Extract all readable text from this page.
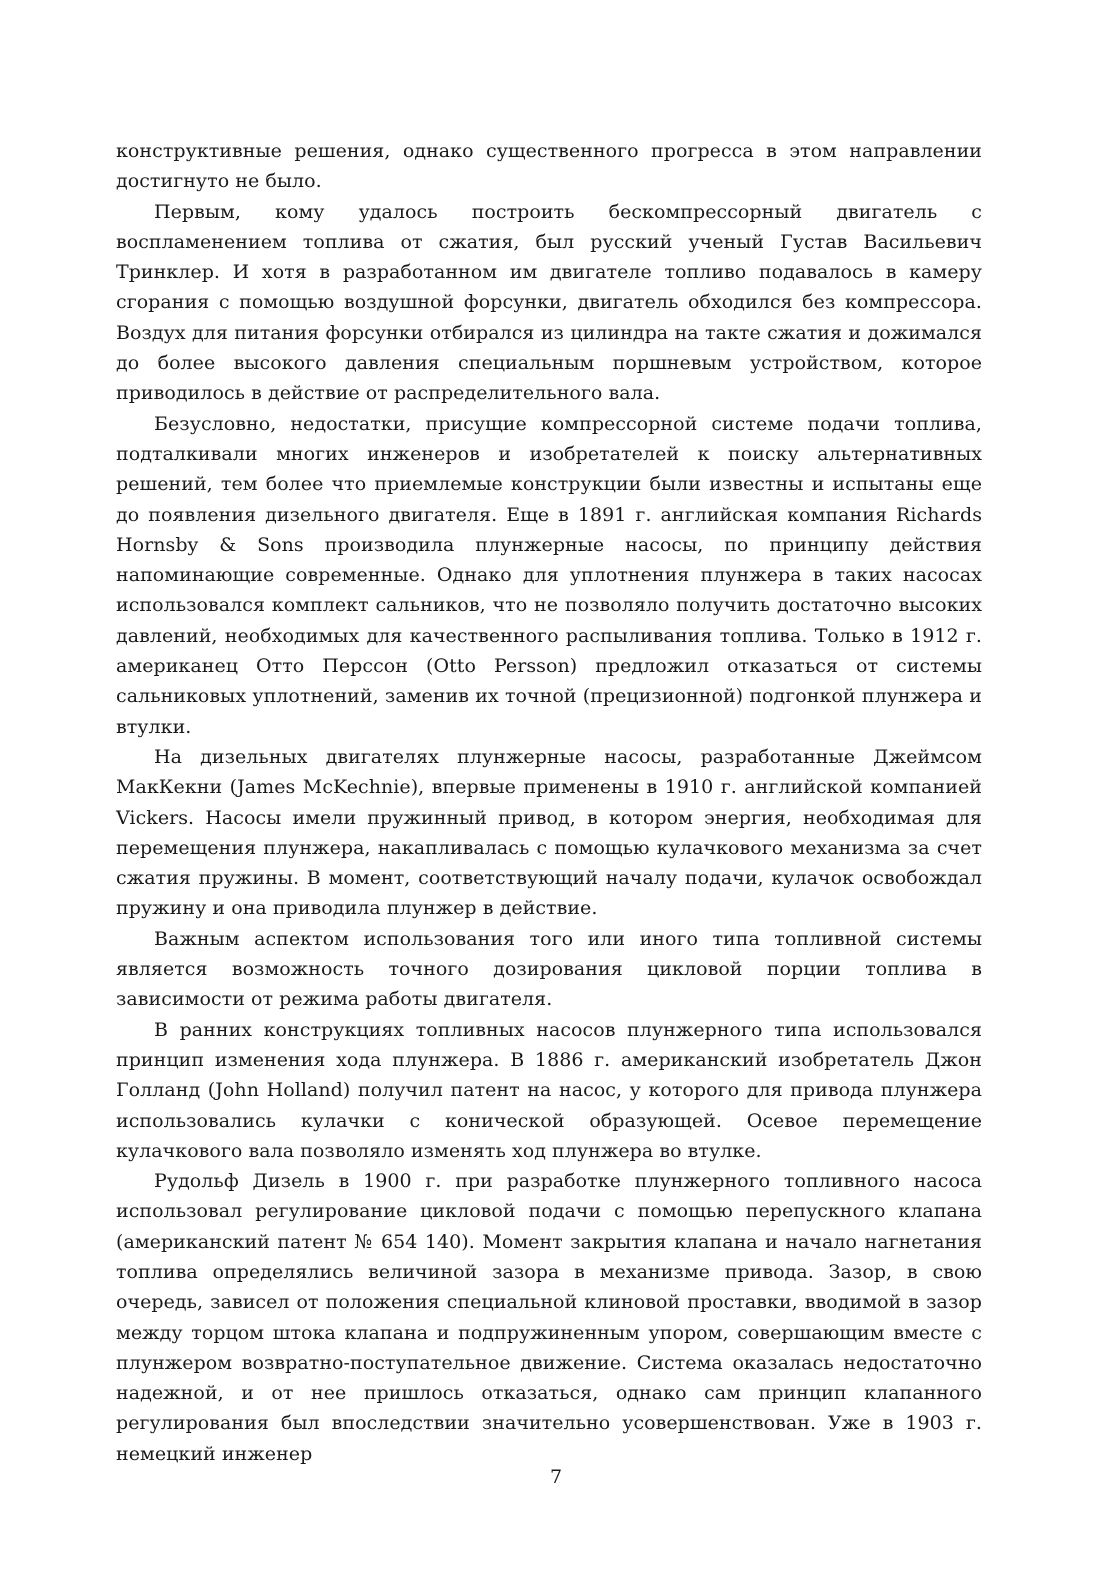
конструктивные решения, однако существенного прогресса в этом направлении достигнуто не было.

Первым, кому удалось построить бескомпрессорный двигатель с воспламенением топлива от сжатия, был русский ученый Густав Васильевич Тринклер. И хотя в разработанном им двигателе топливо подавалось в камеру сгорания с помощью воздушной форсунки, двигатель обходился без компрессора. Воздух для питания форсунки отбирался из цилиндра на такте сжатия и дожимался до более высокого давления специальным поршневым устройством, которое приводилось в действие от распределительного вала.

Безусловно, недостатки, присущие компрессорной системе подачи топлива, подталкивали многих инженеров и изобретателей к поиску альтернативных решений, тем более что приемлемые конструкции были известны и испытаны еще до появления дизельного двигателя. Еще в 1891 г. английская компания Richards Hornsby & Sons производила плунжерные насосы, по принципу действия напоминающие современные. Однако для уплотнения плунжера в таких насосах использовался комплект сальников, что не позволяло получить достаточно высоких давлений, необходимых для качественного распыливания топлива. Только в 1912 г. американец Отто Перссон (Otto Persson) предложил отказаться от системы сальниковых уплотнений, заменив их точной (прецизионной) подгонкой плунжера и втулки.

На дизельных двигателях плунжерные насосы, разработанные Джеймсом МакКекни (James McKechnie), впервые применены в 1910 г. английской компанией Vickers. Насосы имели пружинный привод, в котором энергия, необходимая для перемещения плунжера, накапливалась с помощью кулачкового механизма за счет сжатия пружины. В момент, соответствующий началу подачи, кулачок освобождал пружину и она приводила плунжер в действие.

Важным аспектом использования того или иного типа топливной системы является возможность точного дозирования цикловой порции топлива в зависимости от режима работы двигателя.

В ранних конструкциях топливных насосов плунжерного типа использовался принцип изменения хода плунжера. В 1886 г. американский изобретатель Джон Голланд (John Holland) получил патент на насос, у которого для привода плунжера использовались кулачки с конической образующей. Осевое перемещение кулачкового вала позволяло изменять ход плунжера во втулке.

Рудольф Дизель в 1900 г. при разработке плунжерного топливного насоса использовал регулирование цикловой подачи с помощью перепускного клапана (американский патент № 654 140). Момент закрытия клапана и начало нагнетания топлива определялись величиной зазора в механизме привода. Зазор, в свою очередь, зависел от положения специальной клиновой проставки, вводимой в зазор между торцом штока клапана и подпружиненным упором, совершающим вместе с плунжером возвратно-поступательное движение. Система оказалась недостаточно надежной, и от нее пришлось отказаться, однако сам принцип клапанного регулирования был впоследствии значительно усовершенствован. Уже в 1903 г. немецкий инженер

7
